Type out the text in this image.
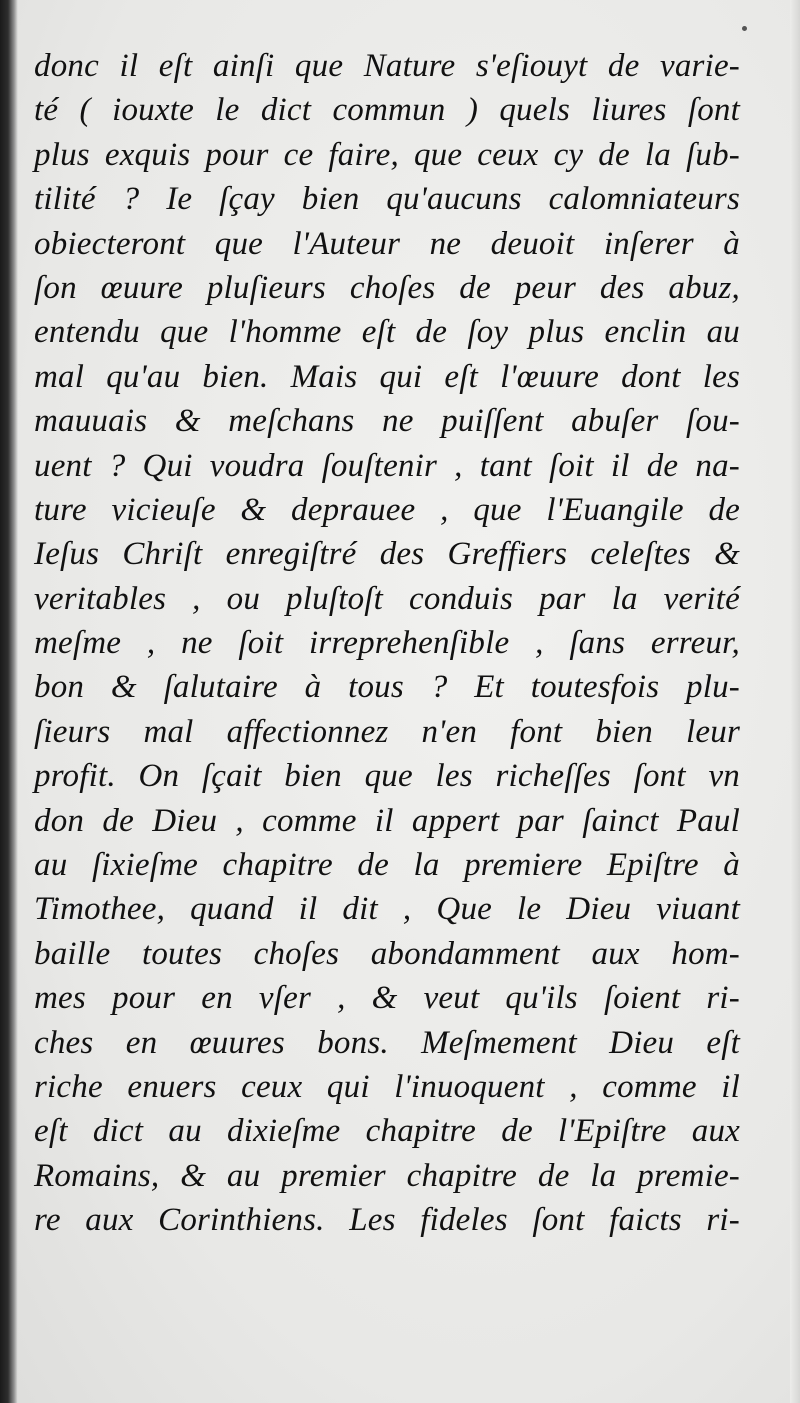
donc il eſt ainſi que Nature s'eſiouyt de varie-
té ( iouxte le dict commun ) quels liures ſont
plus exquis pour ce faire, que ceux cy de la ſub-
tilité ? Ie ſçay bien qu'aucuns calomniateurs
obiecteront que l'Auteur ne deuoit inſerer à
ſon œuure pluſieurs choſes de peur des abuz,
entendu que l'homme eſt de ſoy plus enclin au
mal qu'au bien. Mais qui eſt l'œuure dont les
mauuais & meſchans ne puiſſent abuſer ſou-
uent ? Qui voudra ſouſtenir , tant ſoit il de na-
ture vicieuſe & deprauee , que l'Euangile de
Ieſus Chriſt enregiſtré des Greffiers celeſtes &
veritables , ou pluſtoſt conduis par la verité
meſme , ne ſoit irreprehenſible , ſans erreur,
bon & ſalutaire à tous ? Et toutesfois plu-
ſieurs mal affectionnez n'en font bien leur
profit. On ſçait bien que les richeſſes ſont vn
don de Dieu , comme il appert par ſainct Paul
au ſixieſme chapitre de la premiere Epiſtre à
Timothee, quand il dit , Que le Dieu viuant
baille toutes choſes abondamment aux hom-
mes pour en vſer , & veut qu'ils ſoient ri-
ches en œuures bons. Meſmement Dieu eſt
riche enuers ceux qui l'inuoquent , comme il
eſt dict au dixieſme chapitre de l'Epiſtre aux
Romains, & au premier chapitre de la premie-
re aux Corinthiens. Les fideles ſont faicts ri-
